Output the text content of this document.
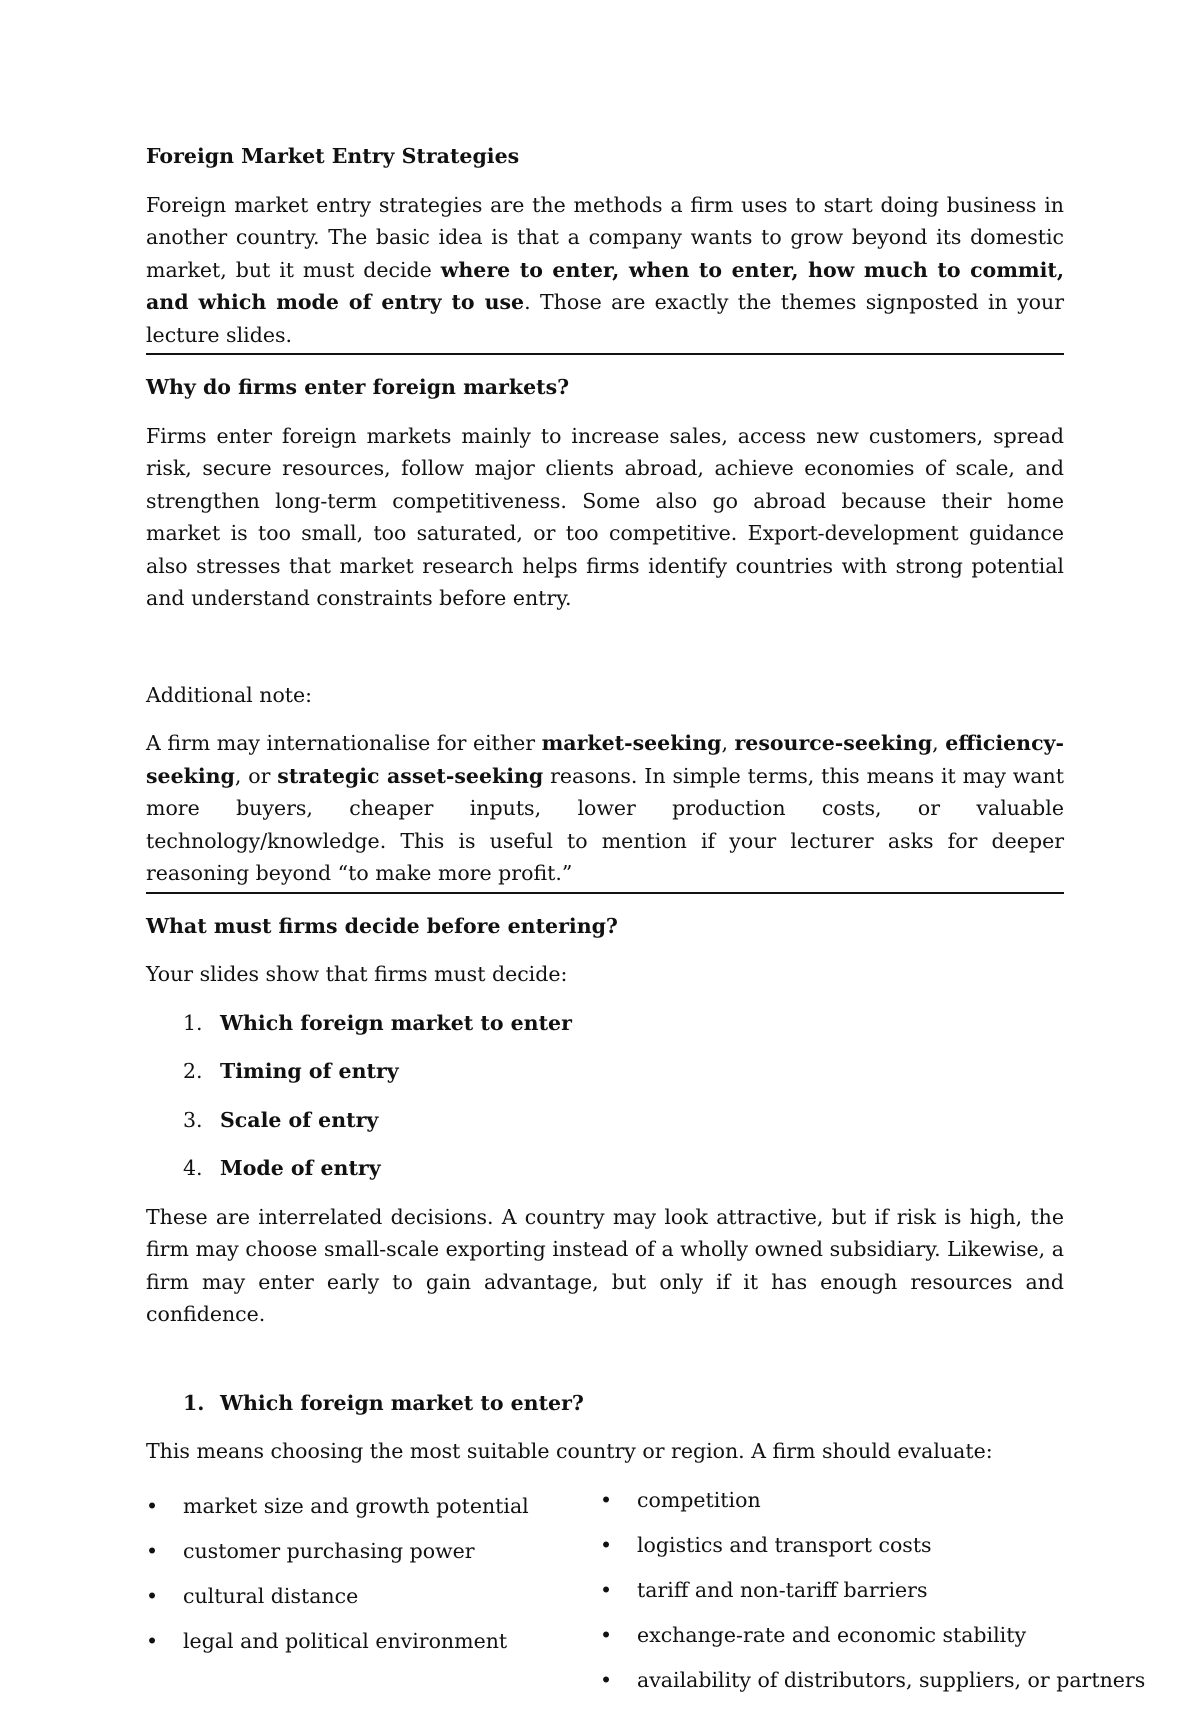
Foreign Market Entry Strategies
Foreign market entry strategies are the methods a firm uses to start doing business in another country. The basic idea is that a company wants to grow beyond its domestic market, but it must decide where to enter, when to enter, how much to commit, and which mode of entry to use. Those are exactly the themes signposted in your lecture slides.
Why do firms enter foreign markets?
Firms enter foreign markets mainly to increase sales, access new customers, spread risk, secure resources, follow major clients abroad, achieve economies of scale, and strengthen long-term competitiveness. Some also go abroad because their home market is too small, too saturated, or too competitive. Export-development guidance also stresses that market research helps firms identify countries with strong potential and understand constraints before entry.
Additional note:
A firm may internationalise for either market-seeking, resource-seeking, efficiency-seeking, or strategic asset-seeking reasons. In simple terms, this means it may want more buyers, cheaper inputs, lower production costs, or valuable technology/knowledge. This is useful to mention if your lecturer asks for deeper reasoning beyond “to make more profit.”
What must firms decide before entering?
Your slides show that firms must decide:
1. Which foreign market to enter
2. Timing of entry
3. Scale of entry
4. Mode of entry
These are interrelated decisions. A country may look attractive, but if risk is high, the firm may choose small-scale exporting instead of a wholly owned subsidiary. Likewise, a firm may enter early to gain advantage, but only if it has enough resources and confidence.
1. Which foreign market to enter?
This means choosing the most suitable country or region. A firm should evaluate:
• market size and growth potential
• customer purchasing power
• cultural distance
• legal and political environment
• competition
• logistics and transport costs
• tariff and non-tariff barriers
• exchange-rate and economic stability
• availability of distributors, suppliers, or partners
